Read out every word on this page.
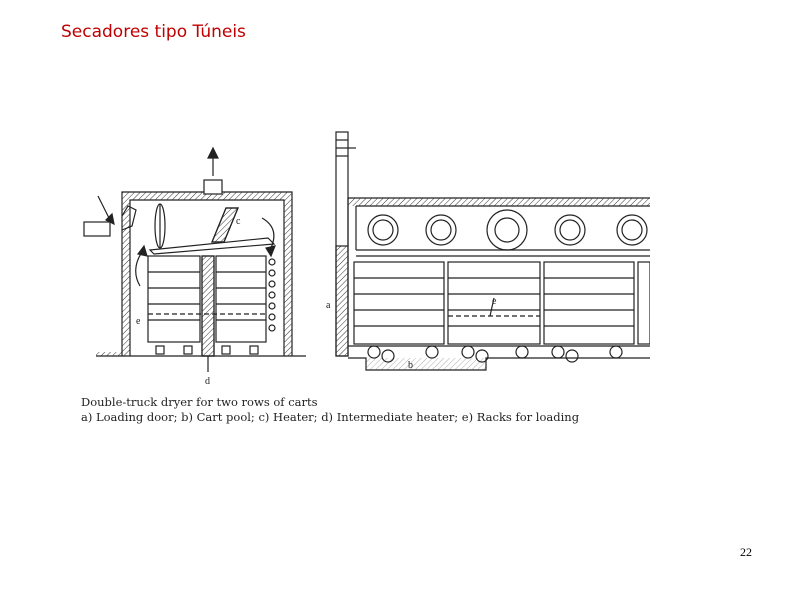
Secadores tipo Túneis
c
e
d
a
b
e
Double-truck dryer for two rows of carts
a) Loading door; b) Cart pool; c) Heater; d) Intermediate heater; e) Racks for loading
22
